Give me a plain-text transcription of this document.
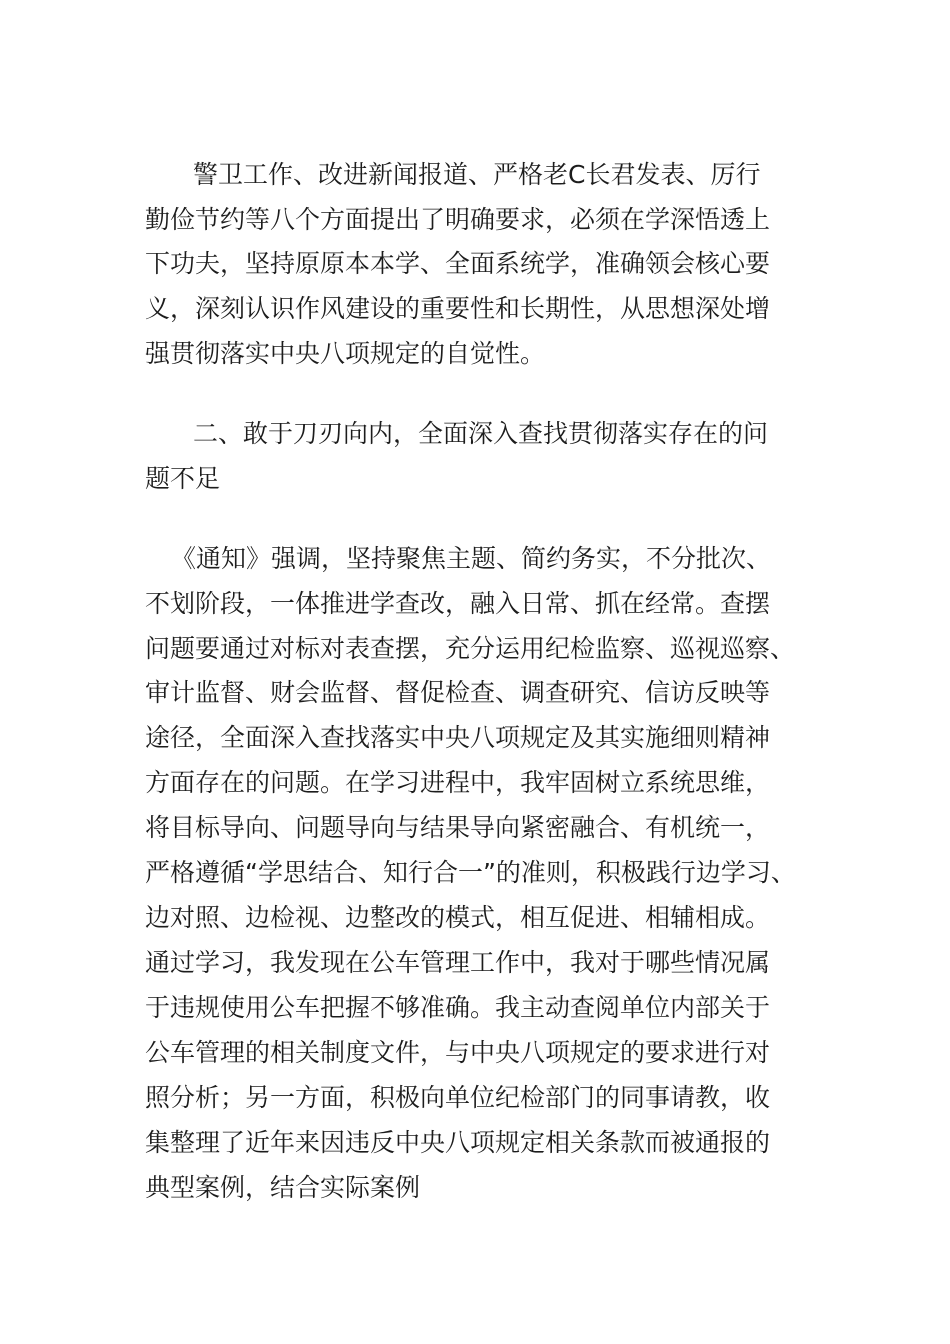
警卫工作、改进新闻报道、严格老C长君发表、厉行
勤俭节约等八个方面提出了明确要求，必须在学深悟透上
下功夫，坚持原原本本学、全面系统学，准确领会核心要
义，深刻认识作风建设的重要性和长期性，从思想深处增
强贯彻落实中央八项规定的自觉性。
二、敢于刀刃向内，全面深入查找贯彻落实存在的问
题不足
《通知》强调，坚持聚焦主题、简约务实，不分批次、
不划阶段，一体推进学查改，融入日常、抓在经常。查摆
问题要通过对标对表查摆，充分运用纪检监察、巡视巡察、
审计监督、财会监督、督促检查、调查研究、信访反映等
途径，全面深入查找落实中央八项规定及其实施细则精神
方面存在的问题。在学习进程中，我牢固树立系统思维，
将目标导向、问题导向与结果导向紧密融合、有机统一，
严格遵循“学思结合、知行合一”的准则，积极践行边学习、
边对照、边检视、边整改的模式，相互促进、相辅相成。
通过学习，我发现在公车管理工作中，我对于哪些情况属
于违规使用公车把握不够准确。我主动查阅单位内部关于
公车管理的相关制度文件，与中央八项规定的要求进行对
照分析；另一方面，积极向单位纪检部门的同事请教，收
集整理了近年来因违反中央八项规定相关条款而被通报的
典型案例，结合实际案例
